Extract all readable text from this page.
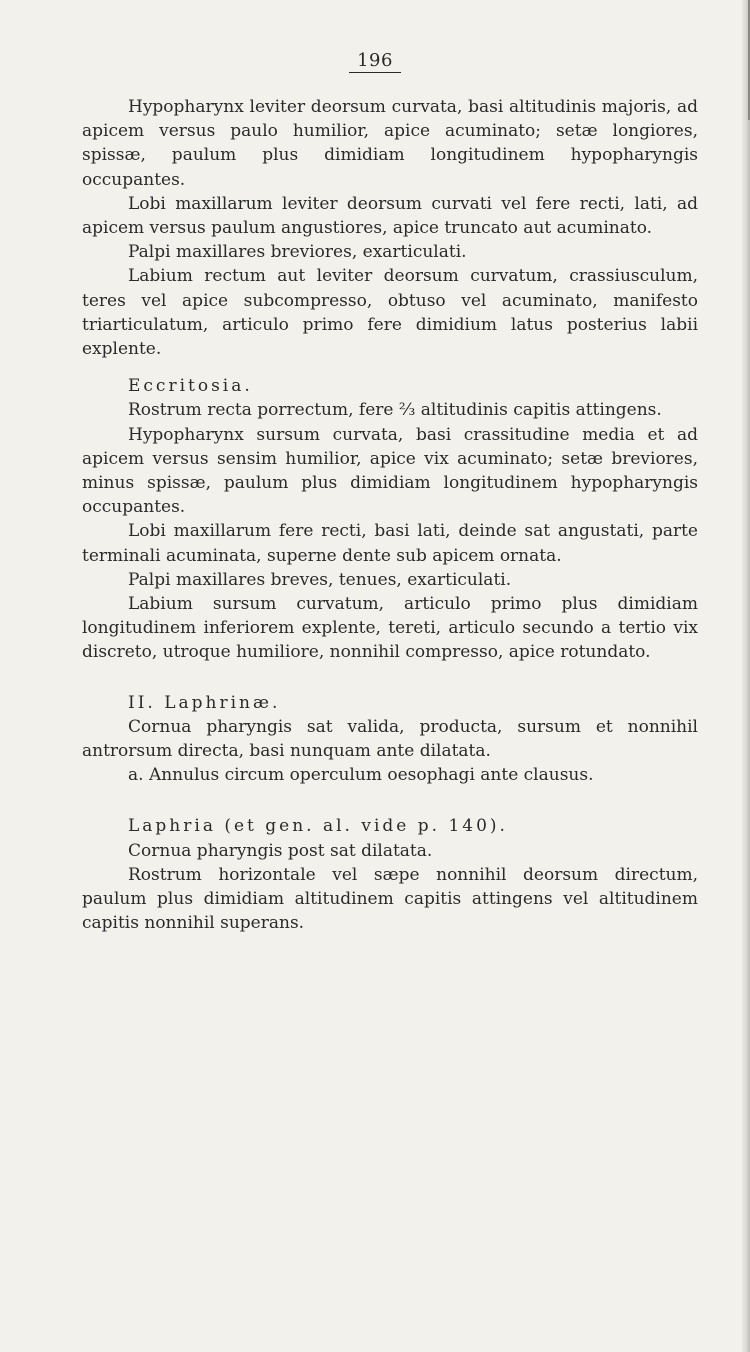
196

Hypopharynx leviter deorsum curvata, basi altitudinis majoris, ad apicem versus paulo humilior, apice acuminato; setæ longiores, spissæ, paulum plus dimidiam longitudinem hypopharyngis occupantes.

Lobi maxillarum leviter deorsum curvati vel fere recti, lati, ad apicem versus paulum angustiores, apice truncato aut acuminato.

Palpi maxillares breviores, exarticulati.

Labium rectum aut leviter deorsum curvatum, crassiusculum, teres vel apice subcompresso, obtuso vel acuminato, manifesto triarticulatum, articulo primo fere dimidium latus posterius labii explente.

Eccritosia.

Rostrum recta porrectum, fere ⅔ altitudinis capitis attingens.

Hypopharynx sursum curvata, basi crassitudine media et ad apicem versus sensim humilior, apice vix acuminato; setæ breviores, minus spissæ, paulum plus dimidiam longitudinem hypopharyngis occupantes.

Lobi maxillarum fere recti, basi lati, deinde sat angustati, parte terminali acuminata, superne dente sub apicem ornata.

Palpi maxillares breves, tenues, exarticulati.

Labium sursum curvatum, articulo primo plus dimidiam longitudinem inferiorem explente, tereti, articulo secundo a tertio vix discreto, utroque humiliore, nonnihil compresso, apice rotundato.

II. Laphrinæ.

Cornua pharyngis sat valida, producta, sursum et nonnihil antrorsum directa, basi nunquam ante dilatata.

a. Annulus circum operculum oesophagi ante clausus.

Laphria (et gen. al. vide p. 140).

Cornua pharyngis post sat dilatata.

Rostrum horizontale vel sæpe nonnihil deorsum directum, paulum plus dimidiam altitudinem capitis attingens vel altitudinem capitis nonnihil superans.
